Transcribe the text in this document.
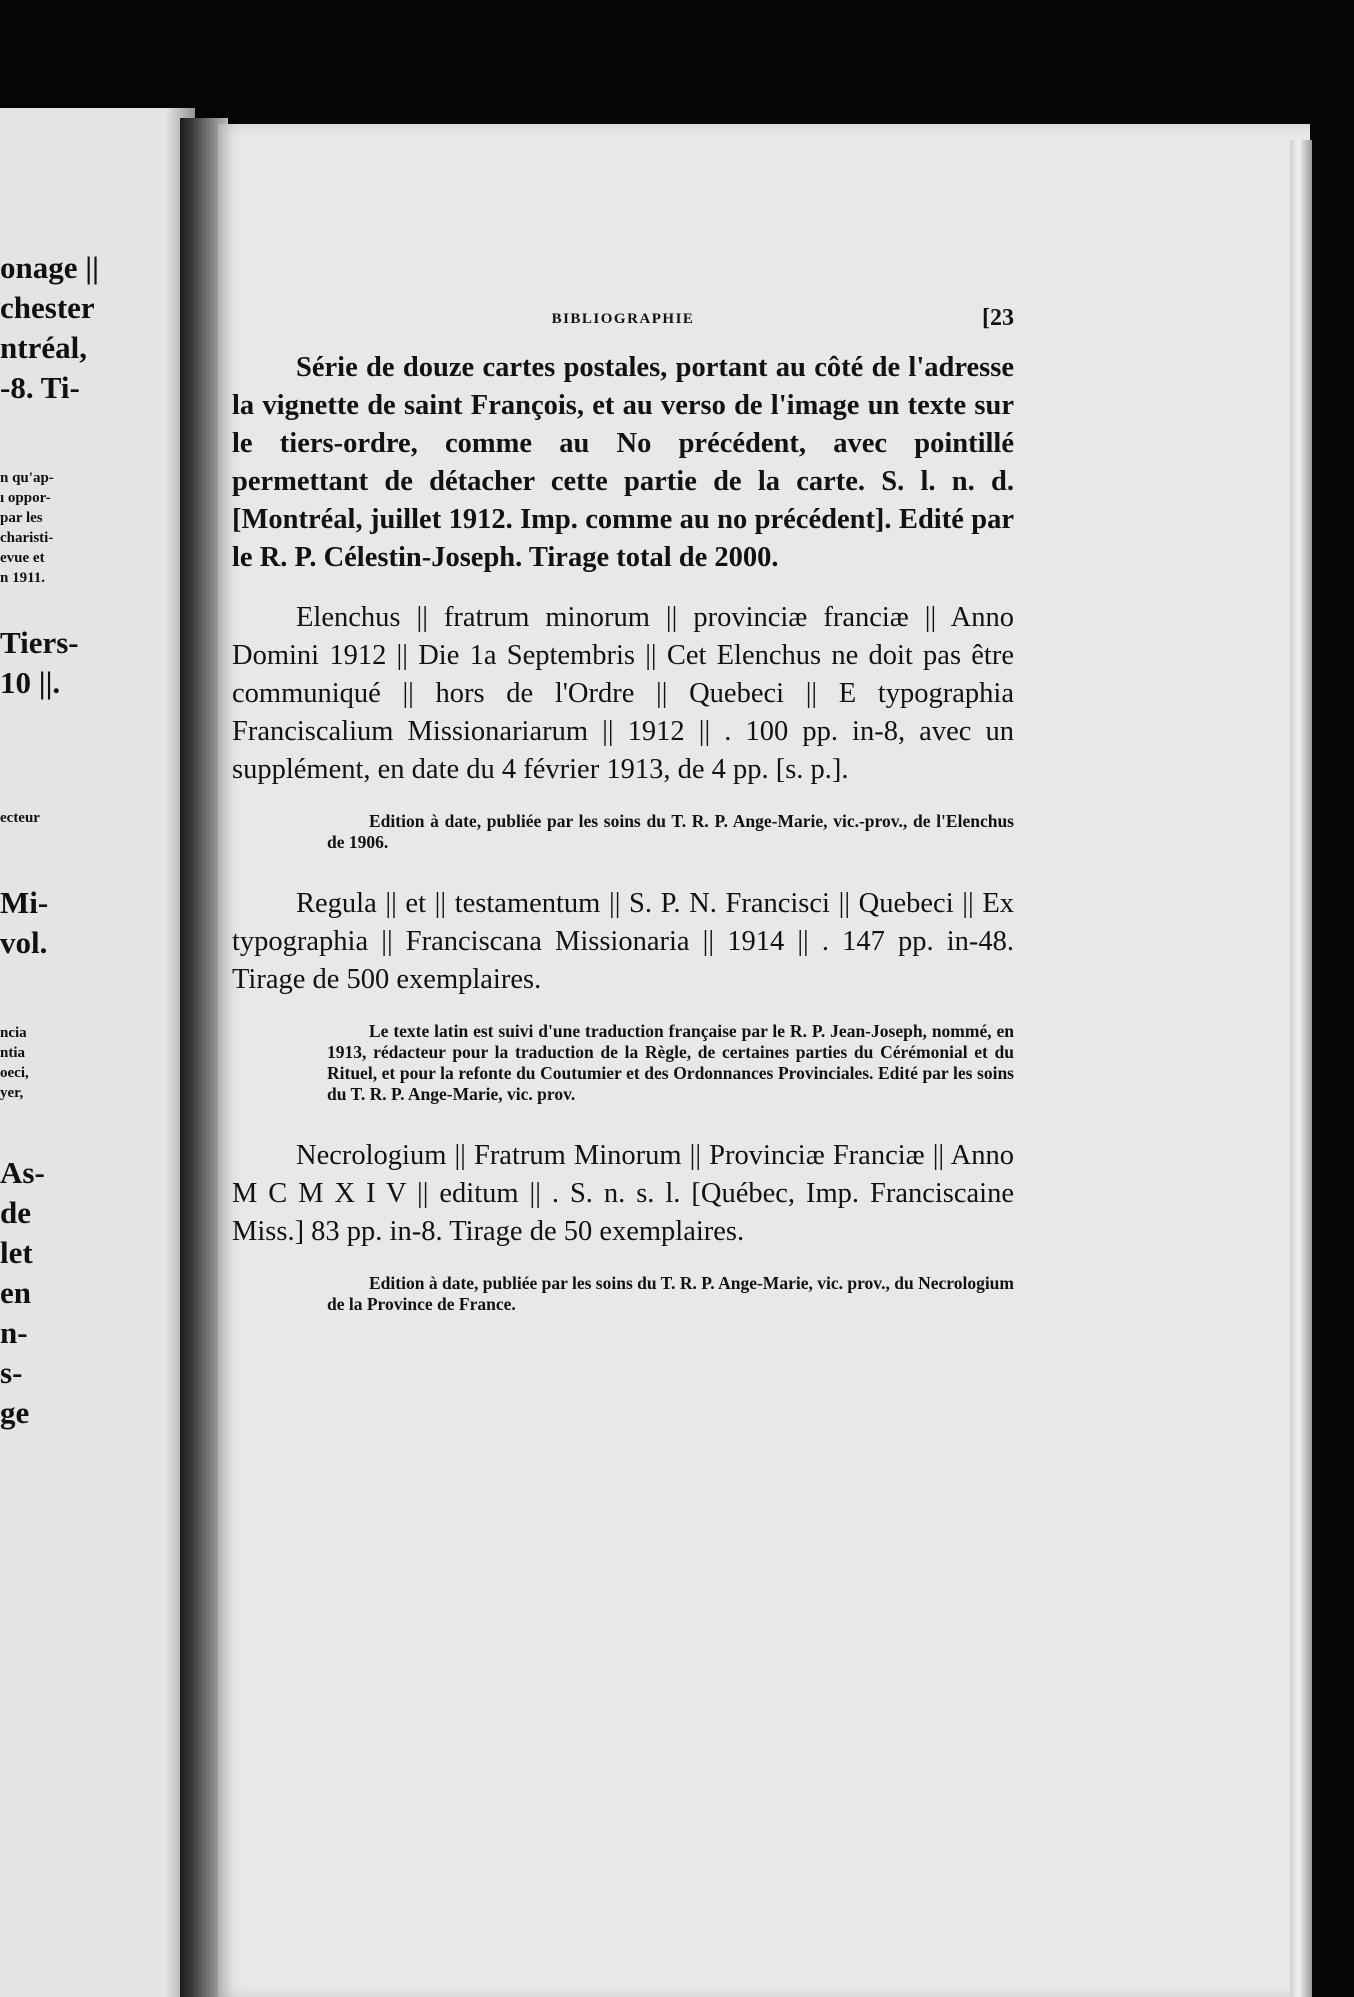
onage ||
chester
ntréal,
-8. Ti-
n qu'ap-
ı oppor-
par les
charisti-
evue et
n 1911.
Tiers-
10 ||.
ecteur
Mi-
vol.
ncia
ntia
oeci,
yer,
As-
de
let
en
n-
s-
ge
BIBLIOGRAPHIE	[23

Série de douze cartes postales, portant au côté de l'adresse la vignette de saint François, et au verso de l'image un texte sur le tiers-ordre, comme au No précédent, avec pointillé permettant de détacher cette partie de la carte. S. l. n. d. [Montréal, juillet 1912. Imp. comme au no précédent]. Edité par le R. P. Célestin-Joseph. Tirage total de 2000.

Elenchus || fratrum minorum || provinciæ franciæ || Anno Domini 1912 || Die 1a Septembris || Cet Elenchus ne doit pas être communiqué || hors de l'Ordre || Quebeci || E typographia Franciscalium Missionariarum || 1912 || . 100 pp. in-8, avec un supplément, en date du 4 février 1913, de 4 pp. [s. p.].

Edition à date, publiée par les soins du T. R. P. Ange-Marie, vic.-prov., de l'Elenchus de 1906.

Regula || et || testamentum || S. P. N. Francisci || Quebeci || Ex typographia || Franciscana Missionaria || 1914 || . 147 pp. in-48. Tirage de 500 exemplaires.

Le texte latin est suivi d'une traduction française par le R. P. Jean-Joseph, nommé, en 1913, rédacteur pour la traduction de la Règle, de certaines parties du Cérémonial et du Rituel, et pour la refonte du Coutumier et des Ordonnances Provinciales. Edité par les soins du T. R. P. Ange-Marie, vic. prov.

Necrologium || Fratrum Minorum || Provinciæ Franciæ || Anno M C M X I V || editum || . S. n. s. l. [Québec, Imp. Franciscaine Miss.] 83 pp. in-8. Tirage de 50 exemplaires.

Edition à date, publiée par les soins du T. R. P. Ange-Marie, vic. prov., du Necrologium de la Province de France.
